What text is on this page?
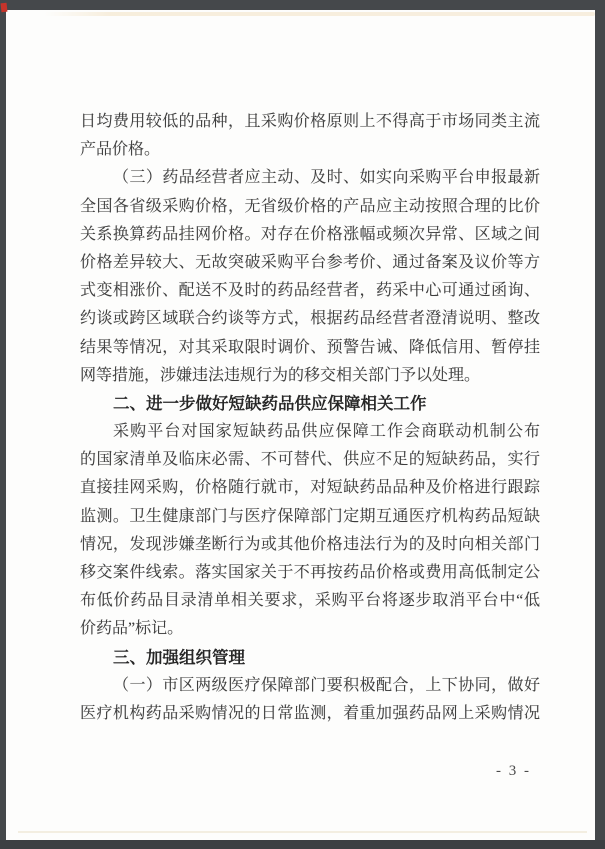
日均费用较低的品种，且采购价格原则上不得高于市场同类主流
产品价格。
（三）药品经营者应主动、及时、如实向采购平台申报最新
全国各省级采购价格，无省级价格的产品应主动按照合理的比价
关系换算药品挂网价格。对存在价格涨幅或频次异常、区域之间
价格差异较大、无故突破采购平台参考价、通过备案及议价等方
式变相涨价、配送不及时的药品经营者，药采中心可通过函询、
约谈或跨区域联合约谈等方式，根据药品经营者澄清说明、整改
结果等情况，对其采取限时调价、预警告诫、降低信用、暂停挂
网等措施，涉嫌违法违规行为的移交相关部门予以处理。
二、进一步做好短缺药品供应保障相关工作
采购平台对国家短缺药品供应保障工作会商联动机制公布
的国家清单及临床必需、不可替代、供应不足的短缺药品，实行
直接挂网采购，价格随行就市，对短缺药品品种及价格进行跟踪
监测。卫生健康部门与医疗保障部门定期互通医疗机构药品短缺
情况，发现涉嫌垄断行为或其他价格违法行为的及时向相关部门
移交案件线索。落实国家关于不再按药品价格或费用高低制定公
布低价药品目录清单相关要求，采购平台将逐步取消平台中“低
价药品”标记。
三、加强组织管理
（一）市区两级医疗保障部门要积极配合，上下协同，做好
医疗机构药品采购情况的日常监测，着重加强药品网上采购情况
- 3 -
